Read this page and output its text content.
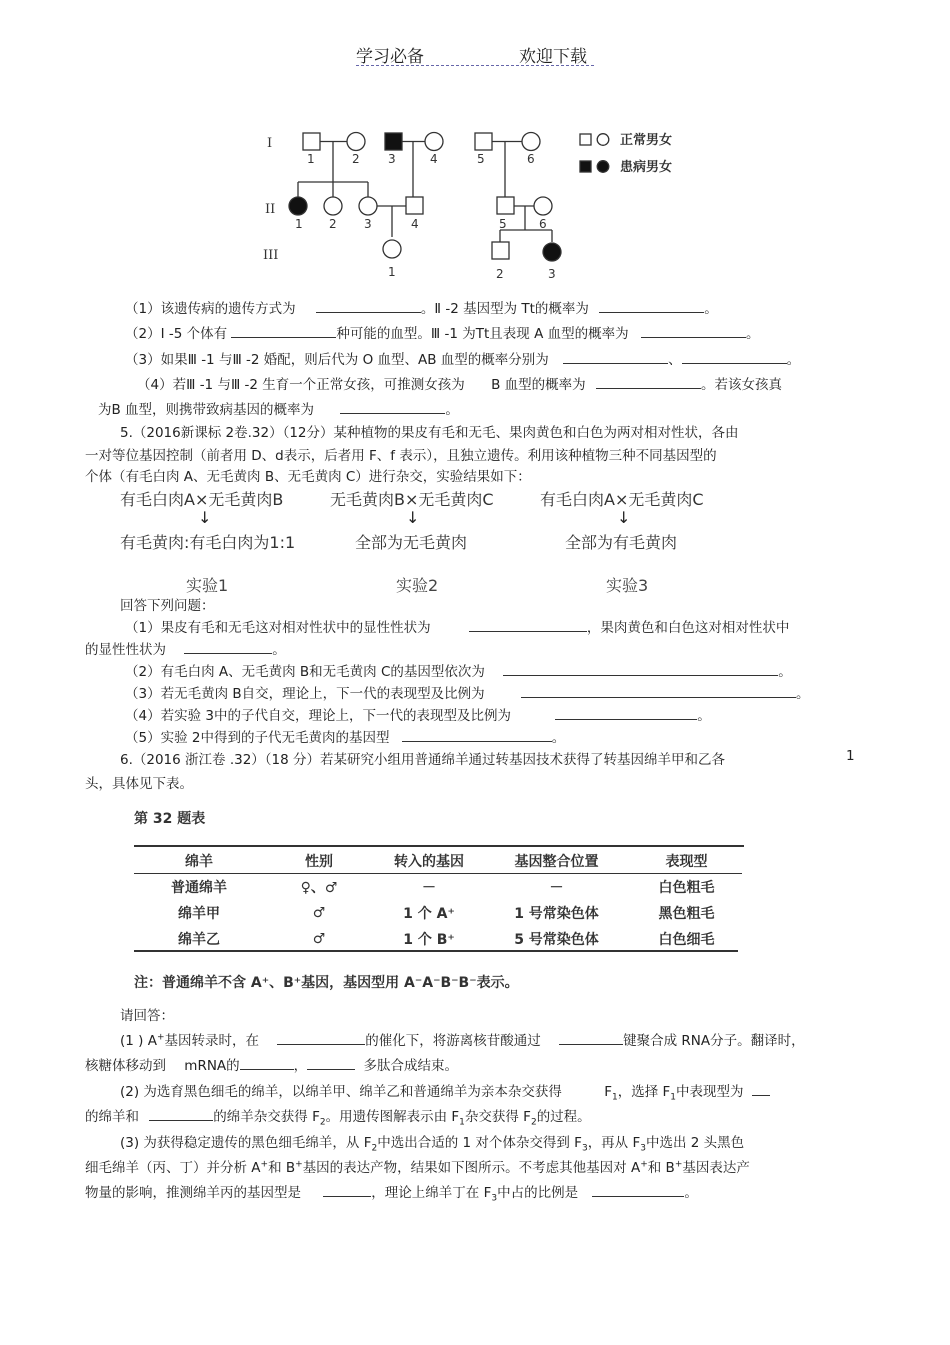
学习必备	欢迎下载
I
II
III
1	2 3	4	5	6
1 2 3	4	5	6
1	2	3
正常男女
患病男女
（1）该遗传病的遗传方式为	。Ⅱ -2 基因型为 Tt的概率为	。
（2）Ⅰ -5 个体有	种可能的血型。Ⅲ -1 为Tt且表现 A 血型的概率为	。
（3）如果Ⅲ -1 与Ⅲ -2 婚配，则后代为 O 血型、AB 血型的概率分别为	、	。
（4）若Ⅲ -1 与Ⅲ -2 生育一个正常女孩，可推测女孩为 B 血型的概率为	。若该女孩真
为B 血型，则携带致病基因的概率为	。
5.（2016新课标 2卷.32）（12分）某种植物的果皮有毛和无毛、果肉黄色和白色为两对相对性状，各由
一对等位基因控制（前者用 D、d表示，后者用 F、f 表示），且独立遗传。利用该种植物三种不同基因型的
个体（有毛白肉 A、无毛黄肉 B、无毛黄肉 C）进行杂交，实验结果如下：
有毛白肉A×无毛黄肉B
↓
有毛黄肉:有毛白肉为1:1
实验1
无毛黄肉B×无毛黄肉C
↓
全部为无毛黄肉
实验2
有毛白肉A×无毛黄肉C
↓
全部为有毛黄肉
实验3
回答下列问题：
（1）果皮有毛和无毛这对相对性状中的显性性状为	，果肉黄色和白色这对相对性状中
的显性性状为	。
（2）有毛白肉 A、无毛黄肉 B和无毛黄肉 C的基因型依次为	。
（3）若无毛黄肉 B自交，理论上，下一代的表现型及比例为	。
（4）若实验 3中的子代自交，理论上，下一代的表现型及比例为	。
（5）实验 2中得到的子代无毛黄肉的基因型	。
6.（2016 浙江卷 .32）（18 分）若某研究小组用普通绵羊通过转基因技术获得了转基因绵羊甲和乙各	1
头，具体见下表。
第 32 题表
绵羊	性别	转入的基因	基因整合位置	表现型
普通绵羊	♀、♂	－	－	白色粗毛
绵羊甲	♂	1 个 A⁺	1 号常染色体	黑色粗毛
绵羊乙	♂	1 个 B⁺	5 号常染色体	白色细毛
注：普通绵羊不含 A⁺、B⁺基因，基因型用 A⁻A⁻B⁻B⁻表示。
请回答：
(1 ) A+基因转录时，在	的催化下，将游离核苷酸通过	键聚合成 RNA分子。翻译时，
核糖体移动到 mRNA的	，	多肽合成结束。
(2) 为选育黑色细毛的绵羊，以绵羊甲、绵羊乙和普通绵羊为亲本杂交获得	$F_1$，选择 $F_1$中表现型为
的绵羊和	的绵羊杂交获得 $F_2$。用遗传图解表示由 $F_1$杂交获得 $F_2$的过程。
(3) 为获得稳定遗传的黑色细毛绵羊，从 $F_2$中选出合适的 1 对个体杂交得到 $F_3$，再从 $F_3$中选出 2 头黑色
细毛绵羊（丙、丁）并分析 A+和 B+基因的表达产物，结果如下图所示。不考虑其他基因对 A+和 B+基因表达产
物量的影响，推测绵羊丙的基因型是	，理论上绵羊丁在 $F_3$中占的比例是	。
